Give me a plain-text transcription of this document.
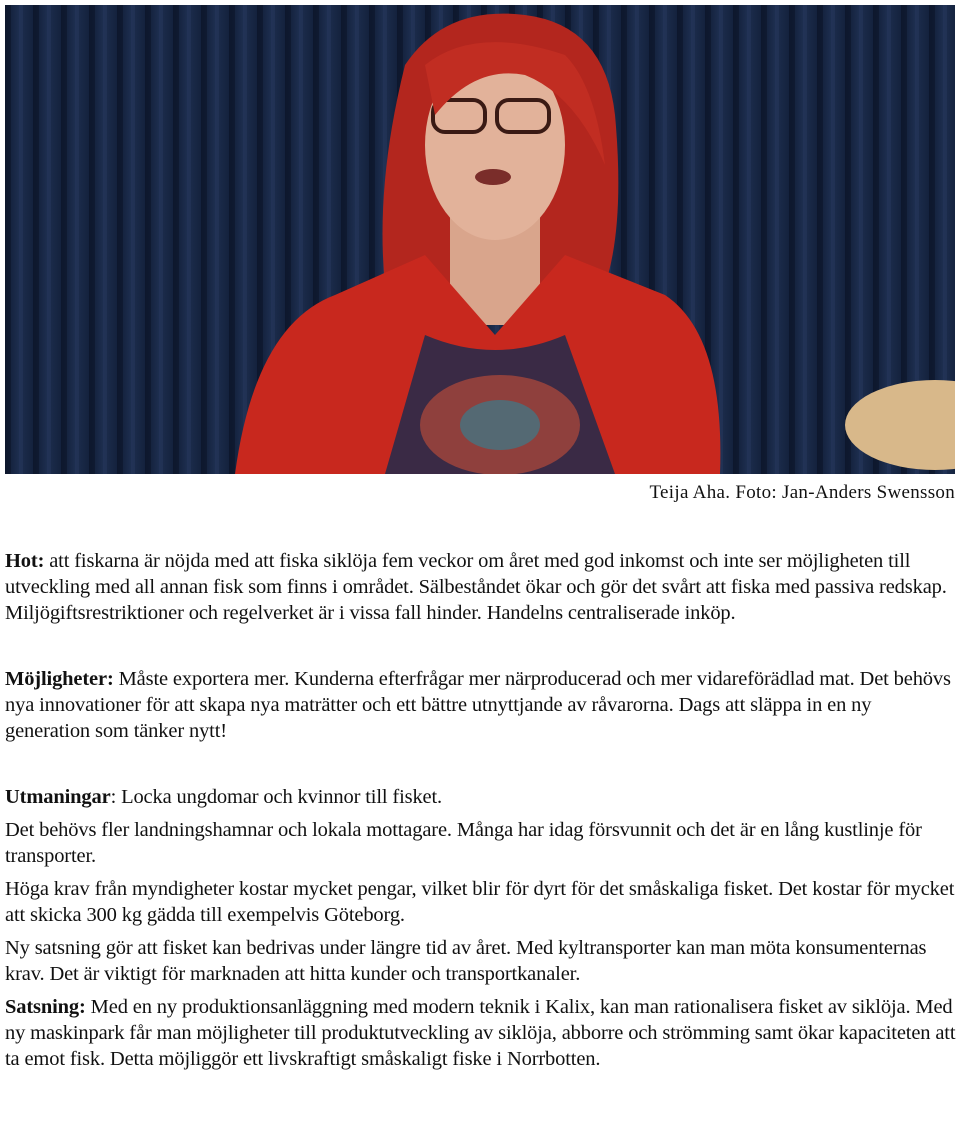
Teija Aha. Foto: Jan-Anders Swensson

Hot: att fiskarna är nöjda med att fiska siklöja fem veckor om året med god inkomst och inte ser möjligheten till utveckling med all annan fisk som finns i området. Sälbeståndet ökar och gör det svårt att fiska med passiva redskap. Miljögiftsrestriktioner och regelverket är i vissa fall hinder. Handelns centraliserade inköp.

Möjligheter: Måste exportera mer. Kunderna efterfrågar mer närproducerad och mer vidareförädlad mat. Det behövs nya innovationer för att skapa nya maträtter och ett bättre utnyttjande av råvarorna. Dags att släppa in en ny generation som tänker nytt!

Utmaningar: Locka ungdomar och kvinnor till fisket.

Det behövs fler landningshamnar och lokala mottagare. Många har idag försvunnit och det är en lång kustlinje för transporter.

Höga krav från myndigheter kostar mycket pengar, vilket blir för dyrt för det småskaliga fisket. Det kostar för mycket att skicka 300 kg gädda till exempelvis Göteborg.

Ny satsning gör att fisket kan bedrivas under längre tid av året. Med kyltransporter kan man möta konsumenternas krav. Det är viktigt för marknaden att hitta kunder och transportkanaler.

Satsning: Med en ny produktionsanläggning med modern teknik i Kalix, kan man rationalisera fisket av siklöja. Med ny maskinpark får man möjligheter till produktutveckling av siklöja, abborre och strömming samt ökar kapaciteten att ta emot fisk. Detta möjliggör ett livskraftigt småskaligt fiske i Norrbotten.
